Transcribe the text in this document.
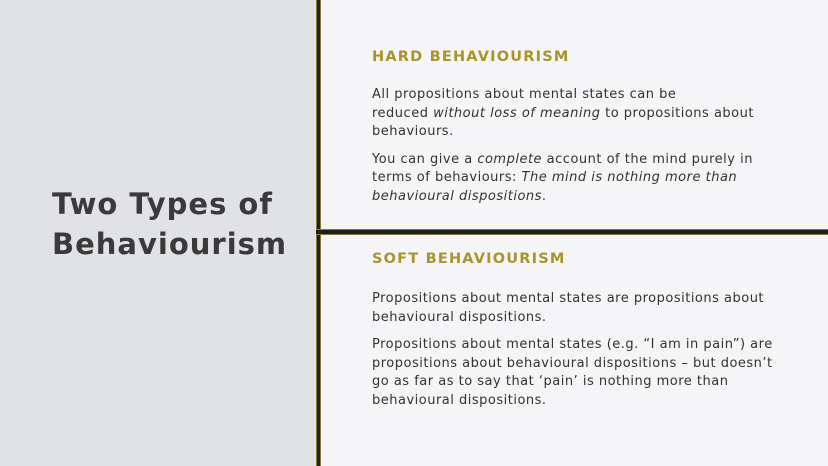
Two Types of
Behaviourism
HARD BEHAVIOURISM

All propositions about mental states can be
reduced without loss of meaning to propositions about behaviours.

You can give a complete account of the mind purely in terms of behaviours: The mind is nothing more than behavioural dispositions.

SOFT BEHAVIOURISM

Propositions about mental states are propositions about behavioural dispositions.

Propositions about mental states (e.g. “I am in pain”) are propositions about behavioural dispositions – but doesn’t go as far as to say that ‘pain’ is nothing more than behavioural dispositions.
